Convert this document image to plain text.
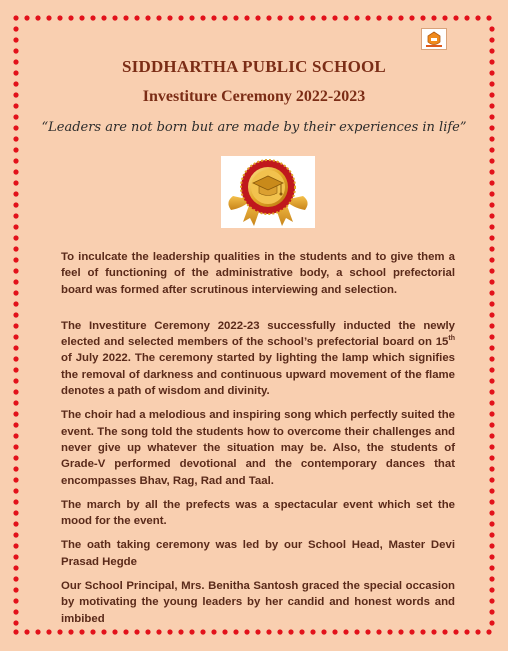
SIDDHARTHA PUBLIC SCHOOL
Investiture Ceremony 2022-2023

“Leaders are not born but are made by their experiences in life”

To inculcate the leadership qualities in the students and to give them a feel of functioning of the administrative body, a school prefectorial board was formed after scrutinous interviewing and selection.

The Investiture Ceremony 2022-23 successfully inducted the newly elected and selected members of the school’s prefectorial board on 15th of July 2022. The ceremony started by lighting the lamp which signifies the removal of darkness and continuous upward movement of the flame denotes a path of wisdom and divinity.

The choir had a melodious and inspiring song which perfectly suited the event. The song told the students how to overcome their challenges and never give up whatever the situation may be. Also, the students of Grade-V performed devotional and the contemporary dances that encompasses Bhav, Rag, Rad and Taal.

The march by all the prefects was a spectacular event which set the mood for the event.

The oath taking ceremony was led by our School Head, Master Devi Prasad Hegde

Our School Principal, Mrs. Benitha Santosh graced the special occasion by motivating the young leaders by her candid and honest words and imbibed
